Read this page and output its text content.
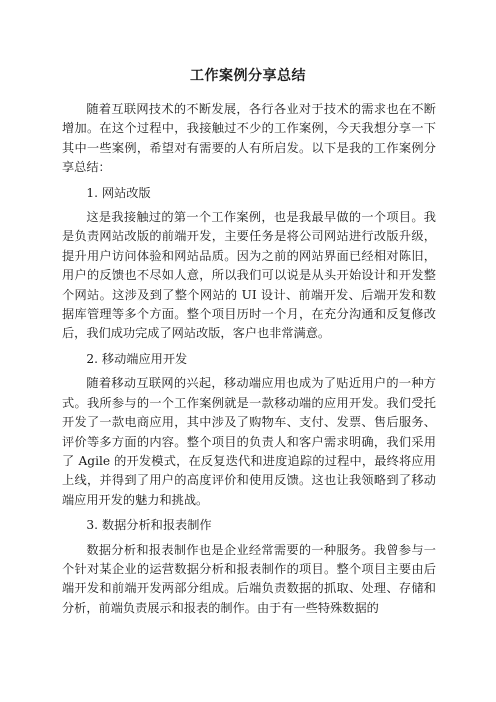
工作案例分享总结

随着互联网技术的不断发展，各行各业对于技术的需求也在不断增加。在这个过程中，我接触过不少的工作案例，今天我想分享一下其中一些案例，希望对有需要的人有所启发。以下是我的工作案例分享总结：

1. 网站改版

这是我接触过的第一个工作案例，也是我最早做的一个项目。我是负责网站改版的前端开发，主要任务是将公司网站进行改版升级，提升用户访问体验和网站品质。因为之前的网站界面已经相对陈旧，用户的反馈也不尽如人意，所以我们可以说是从头开始设计和开发整个网站。这涉及到了整个网站的 UI 设计、前端开发、后端开发和数据库管理等多个方面。整个项目历时一个月，在充分沟通和反复修改后，我们成功完成了网站改版，客户也非常满意。

2. 移动端应用开发

随着移动互联网的兴起，移动端应用也成为了贴近用户的一种方式。我所参与的一个工作案例就是一款移动端的应用开发。我们受托开发了一款电商应用，其中涉及了购物车、支付、发票、售后服务、评价等多方面的内容。整个项目的负责人和客户需求明确，我们采用了 Agile 的开发模式，在反复迭代和进度追踪的过程中，最终将应用上线，并得到了用户的高度评价和使用反馈。这也让我领略到了移动端应用开发的魅力和挑战。

3. 数据分析和报表制作

数据分析和报表制作也是企业经常需要的一种服务。我曾参与一个针对某企业的运营数据分析和报表制作的项目。整个项目主要由后端开发和前端开发两部分组成。后端负责数据的抓取、处理、存储和分析，前端负责展示和报表的制作。由于有一些特殊数据的
